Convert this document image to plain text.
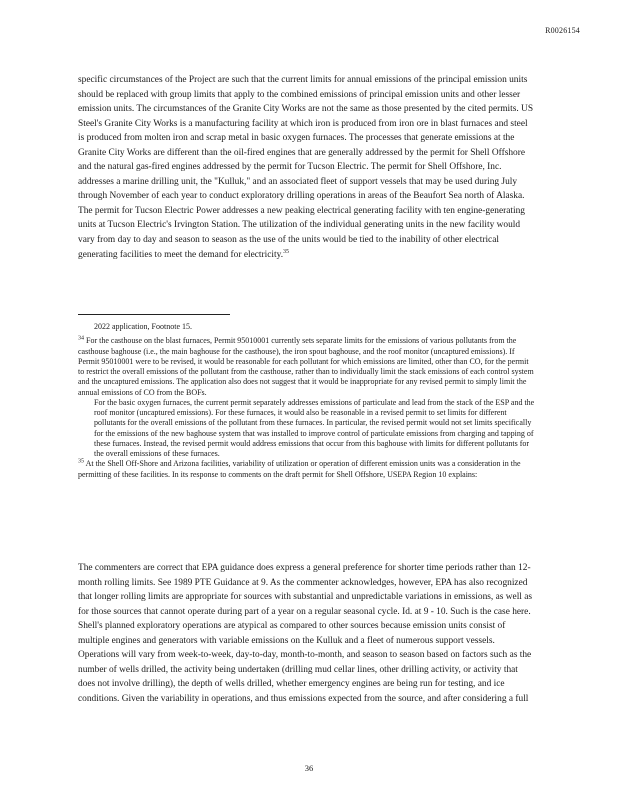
R0026154

specific circumstances of the Project are such that the current limits for annual emissions of the principal emission units should be replaced with group limits that apply to the combined emissions of principal emission units and other lesser emission units. The circumstances of the Granite City Works are not the same as those presented by the cited permits. US Steel's Granite City Works is a manufacturing facility at which iron is produced from iron ore in blast furnaces and steel is produced from molten iron and scrap metal in basic oxygen furnaces. The processes that generate emissions at the Granite City Works are different than the oil-fired engines that are generally addressed by the permit for Shell Offshore and the natural gas-fired engines addressed by the permit for Tucson Electric. The permit for Shell Offshore, Inc. addresses a marine drilling unit, the "Kulluk," and an associated fleet of support vessels that may be used during July through November of each year to conduct exploratory drilling operations in areas of the Beaufort Sea north of Alaska. The permit for Tucson Electric Power addresses a new peaking electrical generating facility with ten engine-generating units at Tucson Electric's Irvington Station. The utilization of the individual generating units in the new facility would vary from day to day and season to season as the use of the units would be tied to the inability of other electrical generating facilities to meet the demand for electricity.$^{35}$

2022 application, Footnote 15.

$^{34}$ For the casthouse on the blast furnaces, Permit 95010001 currently sets separate limits for the emissions of various pollutants from the casthouse baghouse (i.e., the main baghouse for the casthouse), the iron spout baghouse, and the roof monitor (uncaptured emissions). If Permit 95010001 were to be revised, it would be reasonable for each pollutant for which emissions are limited, other than CO, for the permit to restrict the overall emissions of the pollutant from the casthouse, rather than to individually limit the stack emissions of each control system and the uncaptured emissions. The application also does not suggest that it would be inappropriate for any revised permit to simply limit the annual emissions of CO from the BOFs.

For the basic oxygen furnaces, the current permit separately addresses emissions of particulate and lead from the stack of the ESP and the roof monitor (uncaptured emissions). For these furnaces, it would also be reasonable in a revised permit to set limits for different pollutants for the overall emissions of the pollutant from these furnaces. In particular, the revised permit would not set limits specifically for the emissions of the new baghouse system that was installed to improve control of particulate emissions from charging and tapping of these furnaces. Instead, the revised permit would address emissions that occur from this baghouse with limits for different pollutants for the overall emissions of these furnaces.

$^{35}$ At the Shell Off-Shore and Arizona facilities, variability of utilization or operation of different emission units was a consideration in the permitting of these facilities. In its response to comments on the draft permit for Shell Offshore, USEPA Region 10 explains:

The commenters are correct that EPA guidance does express a general preference for shorter time periods rather than 12-month rolling limits. See 1989 PTE Guidance at 9. As the commenter acknowledges, however, EPA has also recognized that longer rolling limits are appropriate for sources with substantial and unpredictable variations in emissions, as well as for those sources that cannot operate during part of a year on a regular seasonal cycle. Id. at 9 - 10. Such is the case here. Shell's planned exploratory operations are atypical as compared to other sources because emission units consist of multiple engines and generators with variable emissions on the Kulluk and a fleet of numerous support vessels. Operations will vary from week-to-week, day-to-day, month-to-month, and season to season based on factors such as the number of wells drilled, the activity being undertaken (drilling mud cellar lines, other drilling activity, or activity that does not involve drilling), the depth of wells drilled, whether emergency engines are being run for testing, and ice conditions. Given the variability in operations, and thus emissions expected from the source, and after considering a full

36
